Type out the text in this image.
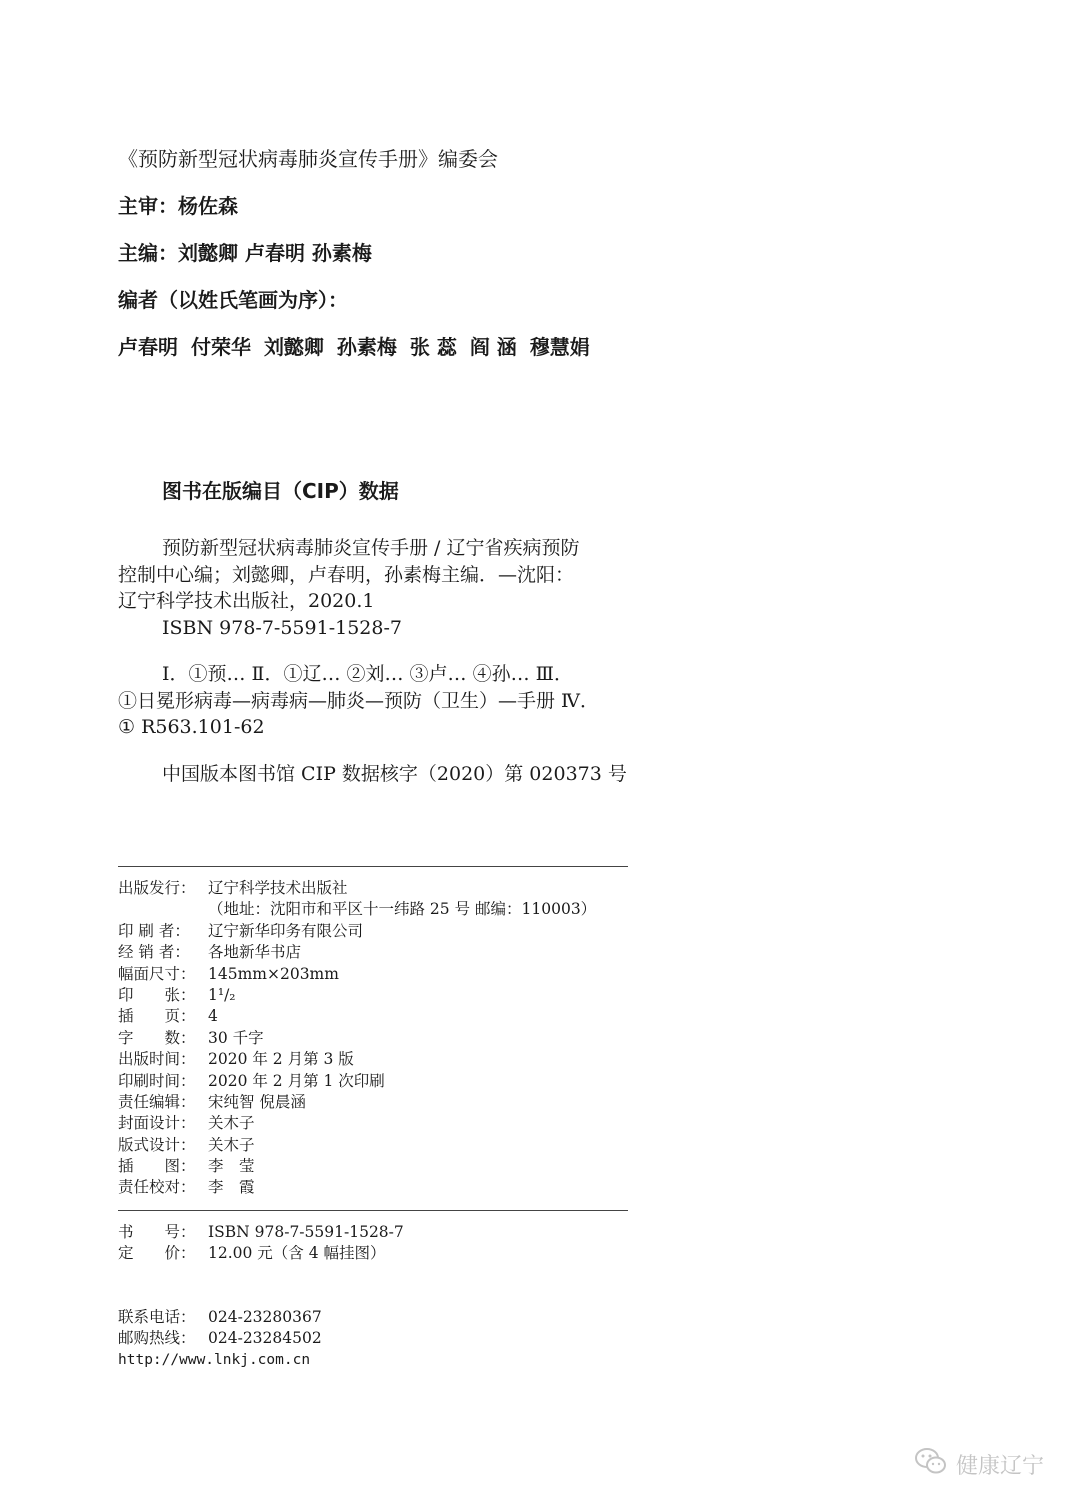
《预防新型冠状病毒肺炎宣传手册》编委会
主审：杨佐森
主编：刘懿卿 卢春明 孙素梅
编者（以姓氏笔画为序）：
卢春明 付荣华 刘懿卿 孙素梅 张 蕊 阎 涵 穆慧娟
图书在版编目（CIP）数据
预防新型冠状病毒肺炎宣传手册 / 辽宁省疾病预防
控制中心编；刘懿卿，卢春明，孙素梅主编．—沈阳：
辽宁科学技术出版社，2020.1
ISBN 978-7-5591-1528-7
Ⅰ．①预… Ⅱ．①辽… ②刘… ③卢… ④孙… Ⅲ．
①日冕形病毒—病毒病—肺炎—预防（卫生）—手册 Ⅳ．
① R563.101-62
中国版本图书馆 CIP 数据核字（2020）第 020373 号
出版发行： 辽宁科学技术出版社
（地址：沈阳市和平区十一纬路 25 号 邮编：110003）
印 刷 者：	辽宁新华印务有限公司
经 销 者：	各地新华书店
幅面尺寸： 145mm×203mm
印　　张： 1¹/₂
插　　页： 4
字　　数： 30 千字
出版时间： 2020 年 2 月第 3 版
印刷时间： 2020 年 2 月第 1 次印刷
责任编辑： 宋纯智 倪晨涵
封面设计： 关木子
版式设计： 关木子
插　　图： 李　莹
责任校对： 李　霞
书　　号： ISBN 978-7-5591-1528-7
定　　价： 12.00 元（含 4 幅挂图）
联系电话： 024-23280367
邮购热线： 024-23284502
http://www.lnkj.com.cn
健康辽宁
